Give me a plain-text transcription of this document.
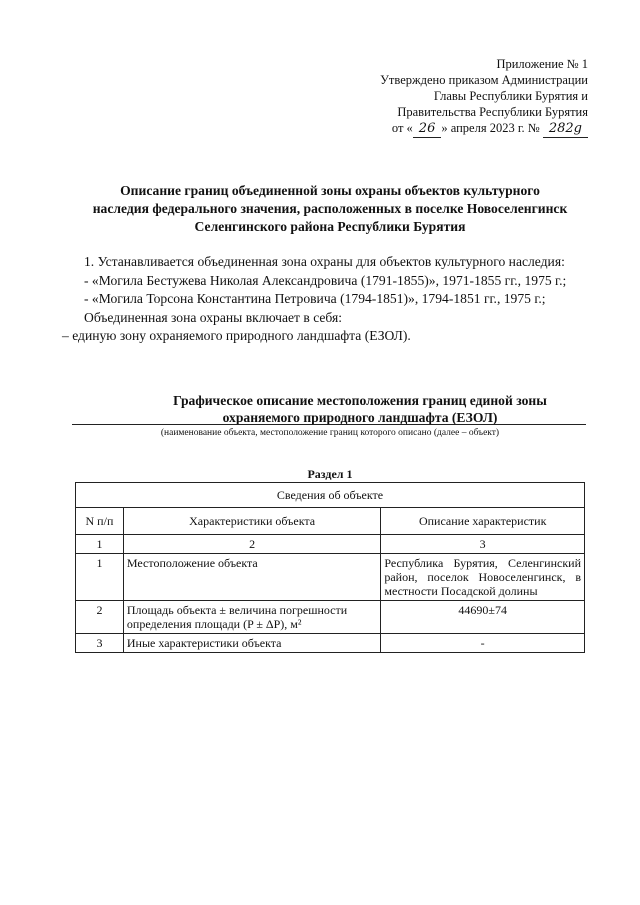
Приложение № 1
Утверждено приказом Администрации
Главы Республики Бурятия и
Правительства Республики Бурятия
от « 26 » апреля 2023 г. № 282g
Описание границ объединенной зоны охраны объектов культурного
наследия федерального значения, расположенных в поселке Новоселенгинск
Селенгинского района Республики Бурятия

1. Устанавливается объединенная зона охраны для объектов культурного наследия:

- «Могила Бестужева Николая Александровича (1791-1855)», 1971-1855 гг., 1975 г.;

- «Могила Торсона Константина Петровича (1794-1851)», 1794-1851 гг., 1975 г.;

Объединенная зона охраны включает в себя:

– единую зону охраняемого природного ландшафта (ЕЗОЛ).

Графическое описание местоположения границ единой зоны
охраняемого природного ландшафта (ЕЗОЛ)
(наименование объекта, местоположение границ которого описано (далее – объект)
Раздел 1
Сведения об объекте		
N п/п	Характеристики объекта	Описание характеристик
1	2	3
1	Местоположение объекта	Республика Бурятия, Селенгинский район, поселок Новоселенгинск, в местности Посадской долины
2	Площадь объекта ± величина погрешности определения площади (P ± ΔP), м²	44690±74
3	Иные характеристики объекта	-
